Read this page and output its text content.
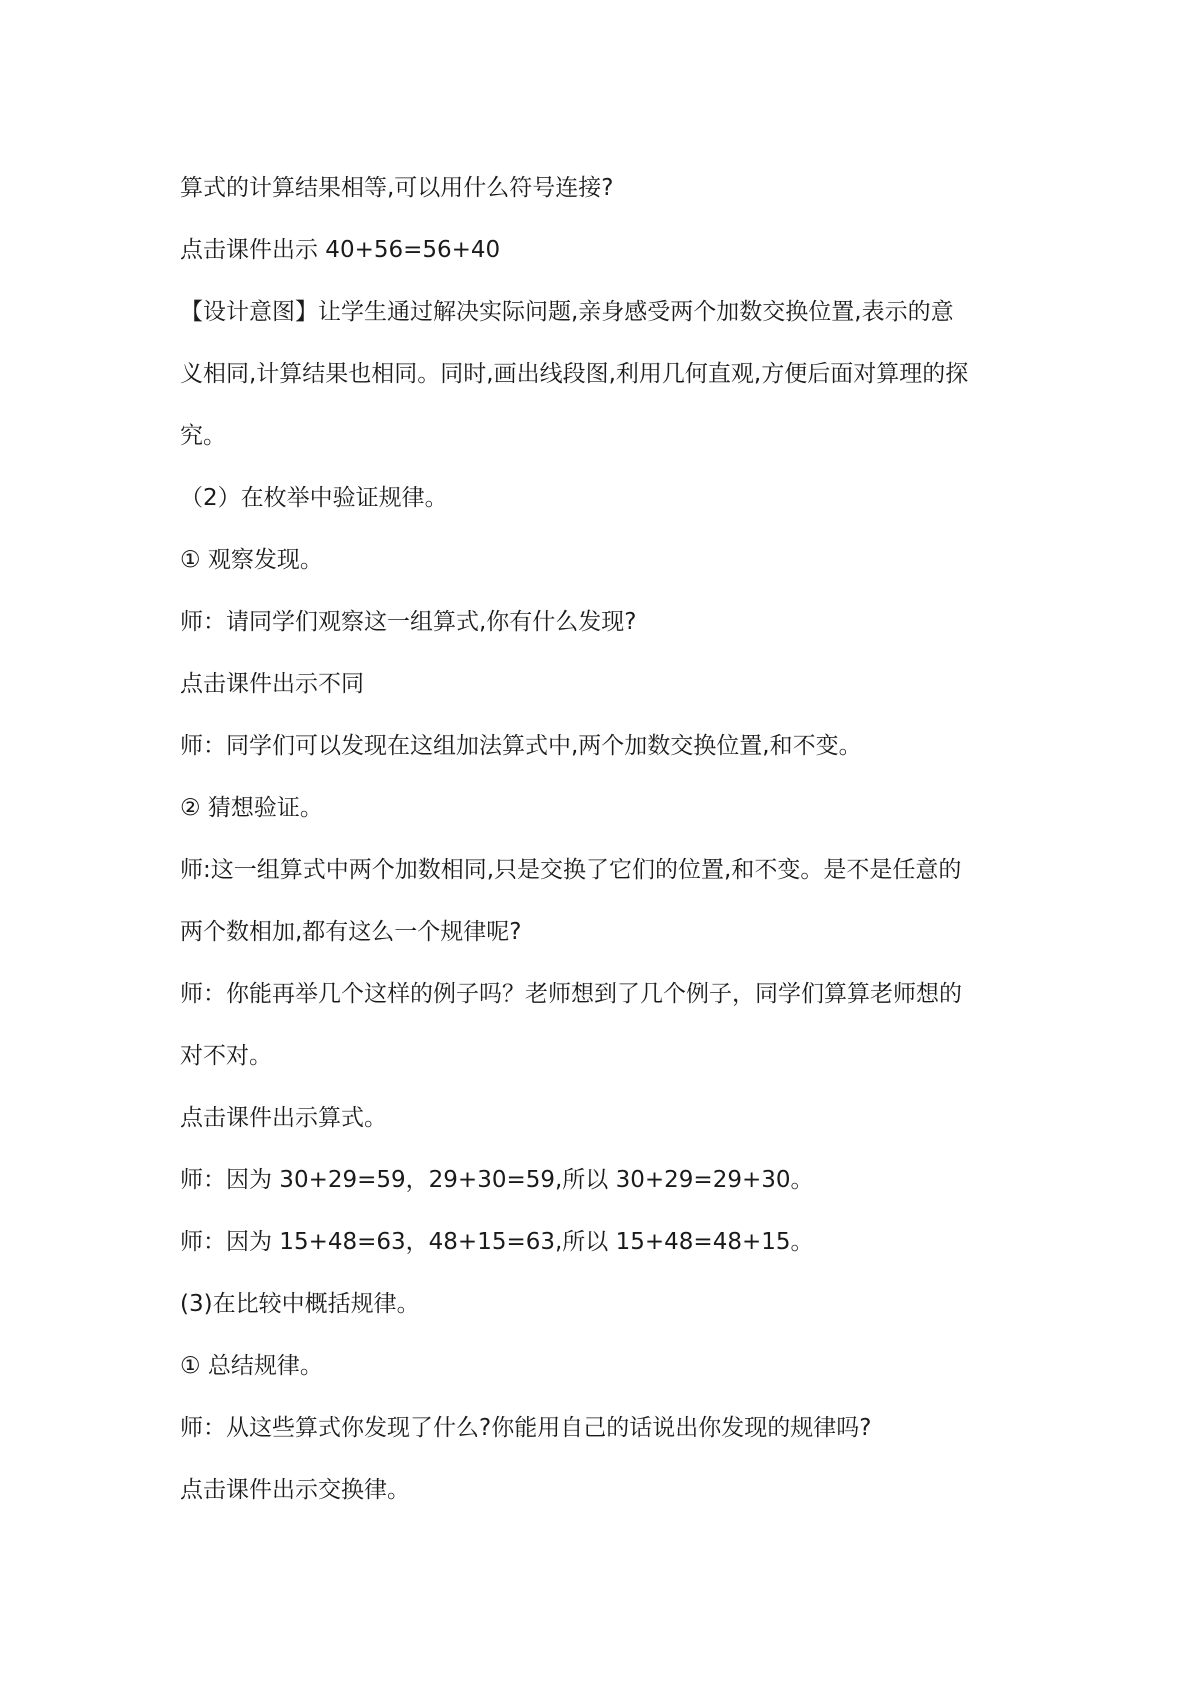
算式的计算结果相等,可以用什么符号连接?
点击课件出示 40+56=56+40
【设计意图】让学生通过解决实际问题,亲身感受两个加数交换位置,表示的意
义相同,计算结果也相同。同时,画出线段图,利用几何直观,方便后面对算理的探
究。
（2）在枚举中验证规律。
① 观察发现。
师：请同学们观察这一组算式,你有什么发现?
点击课件出示不同
师：同学们可以发现在这组加法算式中,两个加数交换位置,和不变。
② 猜想验证。
师:这一组算式中两个加数相同,只是交换了它们的位置,和不变。是不是任意的
两个数相加,都有这么一个规律呢?
师：你能再举几个这样的例子吗？老师想到了几个例子，同学们算算老师想的
对不对。
点击课件出示算式。
师：因为 30+29=59，29+30=59,所以 30+29=29+30。
师：因为 15+48=63，48+15=63,所以 15+48=48+15。
(3)在比较中概括规律。
① 总结规律。
师：从这些算式你发现了什么?你能用自己的话说出你发现的规律吗?
点击课件出示交换律。
